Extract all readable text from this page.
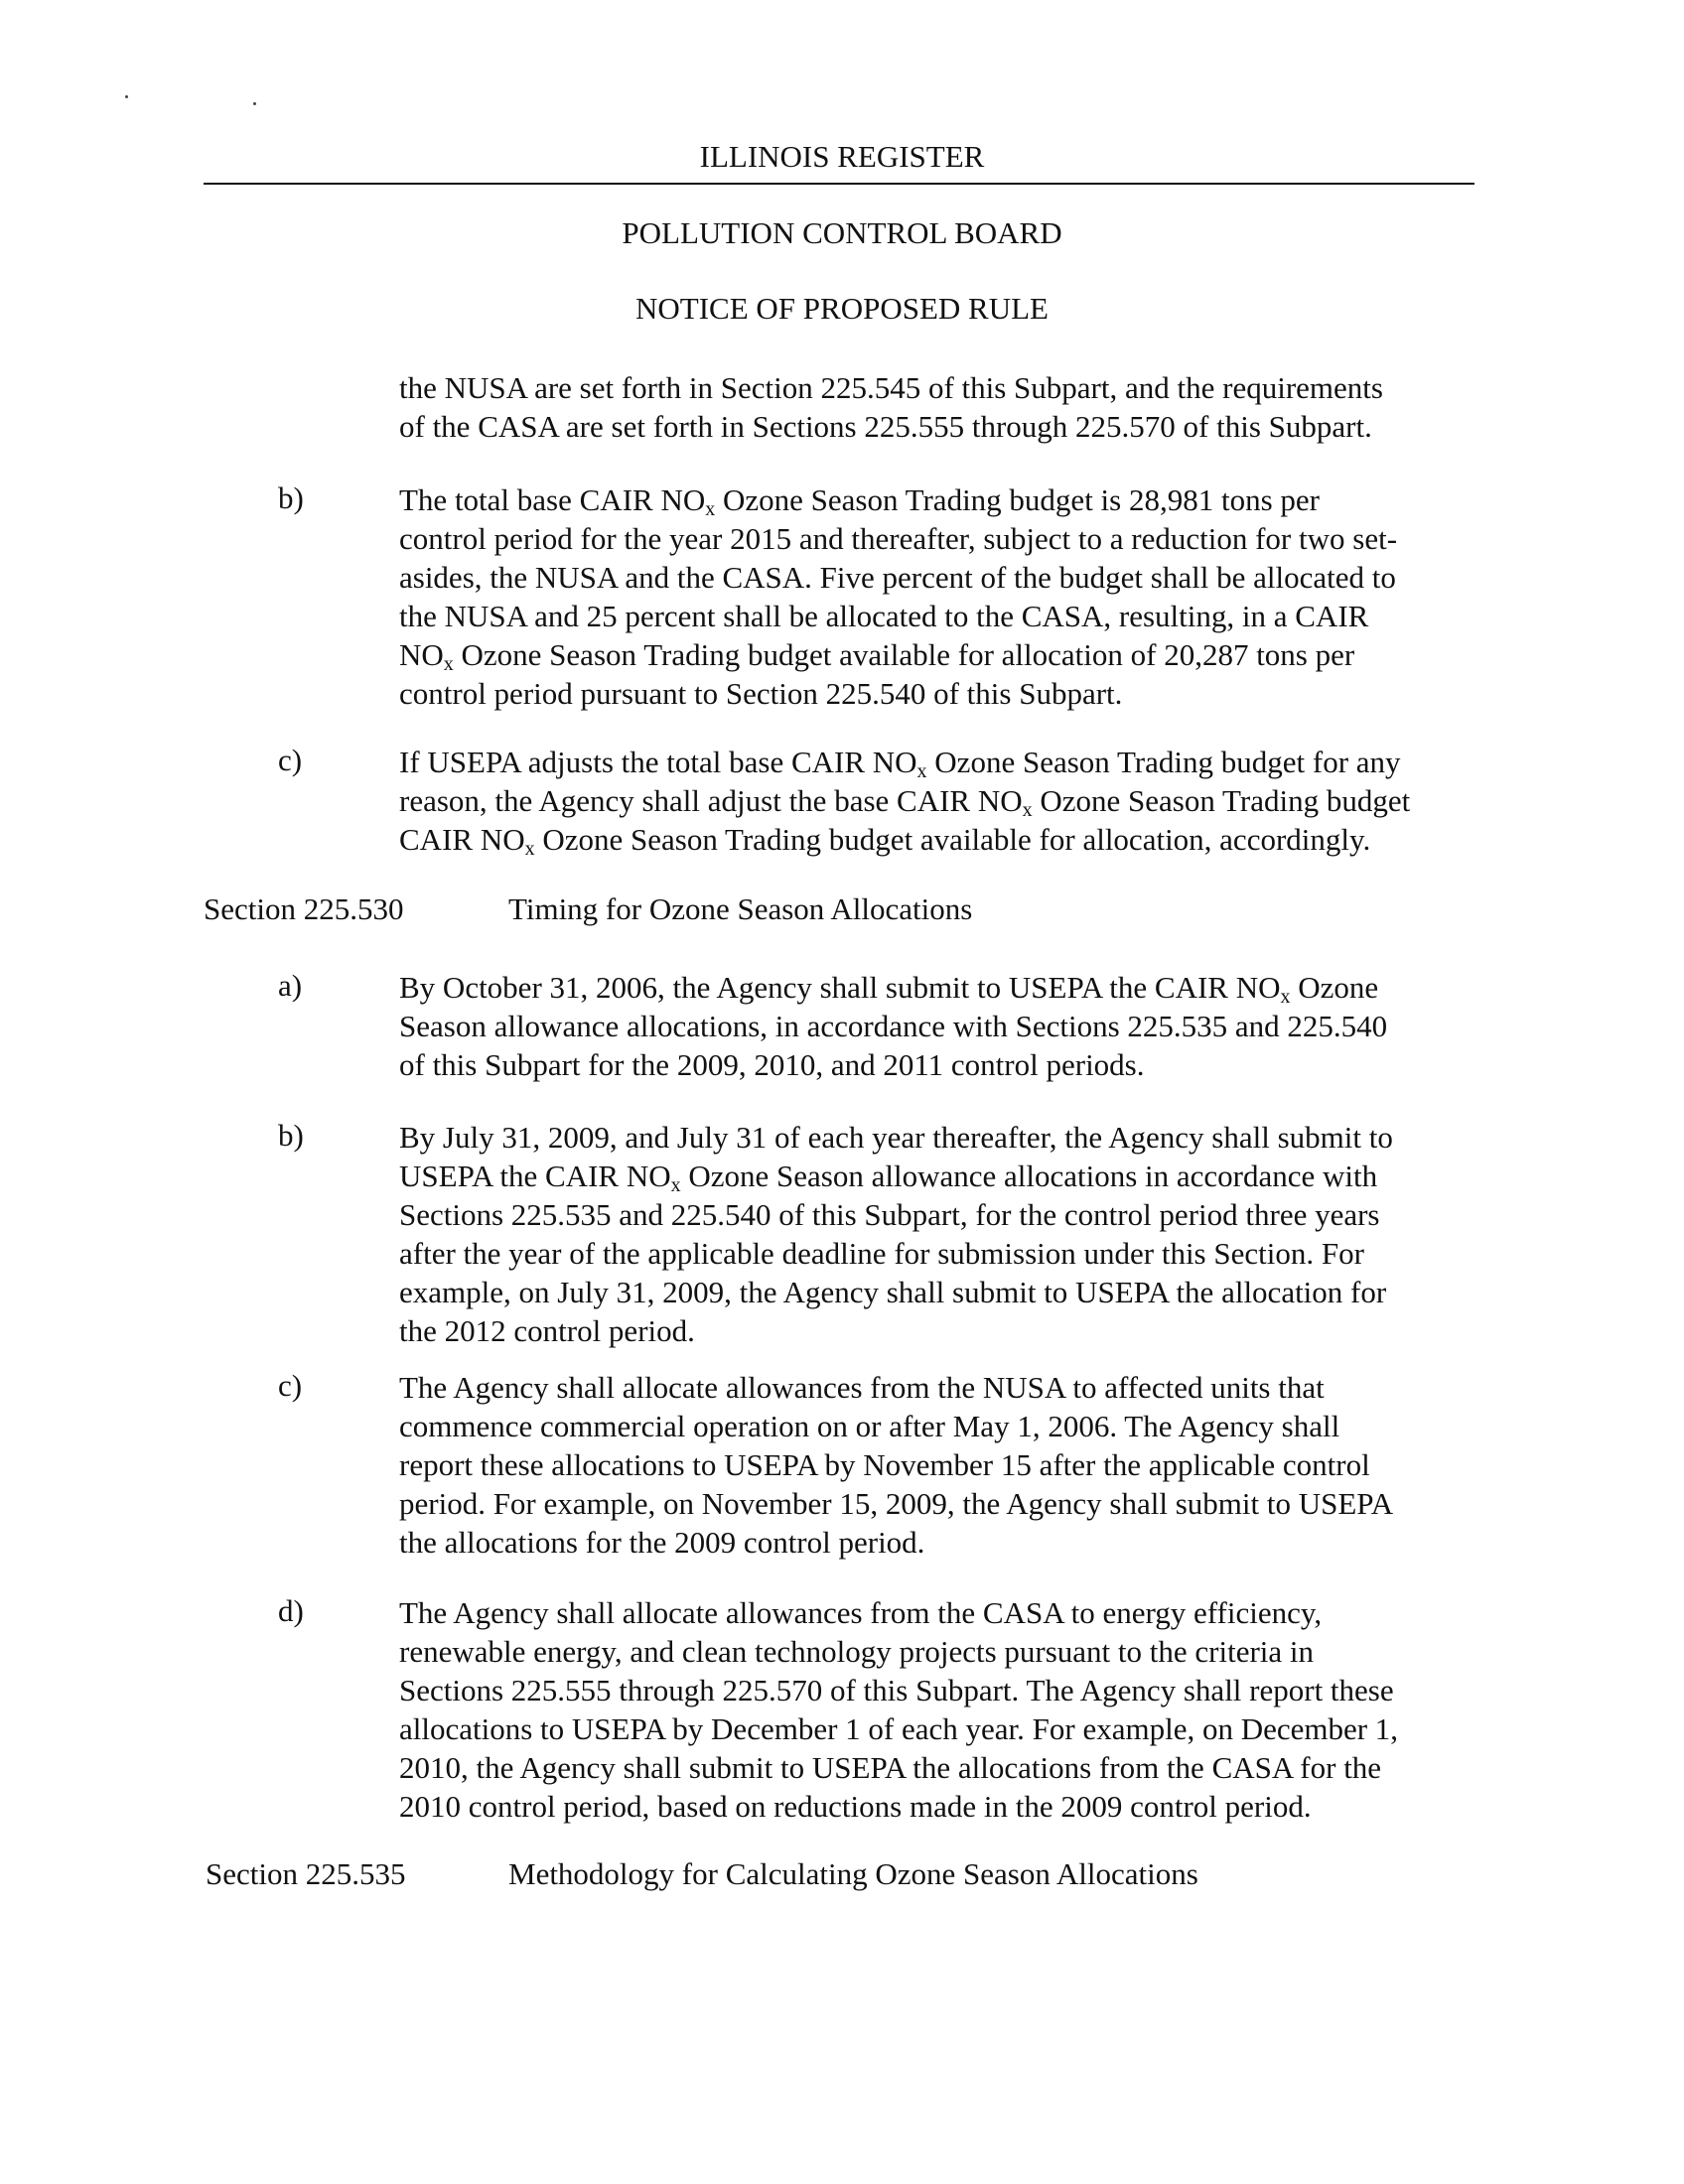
ILLINOIS REGISTER
POLLUTION CONTROL BOARD
NOTICE OF PROPOSED RULE
the NUSA are set forth in Section 225.545 of this Subpart, and the requirements
of the CASA are set forth in Sections 225.555 through 225.570 of this Subpart.
b)	The total base CAIR $NO_x$ Ozone Season Trading budget is 28,981 tons per
control period for the year 2015 and thereafter, subject to a reduction for two set-
asides, the NUSA and the CASA. Five percent of the budget shall be allocated to
the NUSA and 25 percent shall be allocated to the CASA, resulting, in a CAIR
$NO_x$ Ozone Season Trading budget available for allocation of 20,287 tons per
control period pursuant to Section 225.540 of this Subpart.
c)	If USEPA adjusts the total base CAIR $NO_x$ Ozone Season Trading budget for any
reason, the Agency shall adjust the base CAIR $NO_x$ Ozone Season Trading budget
CAIR $NO_x$ Ozone Season Trading budget available for allocation, accordingly.
Section 225.530	Timing for Ozone Season Allocations
a)	By October 31, 2006, the Agency shall submit to USEPA the CAIR $NO_x$ Ozone
Season allowance allocations, in accordance with Sections 225.535 and 225.540
of this Subpart for the 2009, 2010, and 2011 control periods.
b)	By July 31, 2009, and July 31 of each year thereafter, the Agency shall submit to
USEPA the CAIR $NO_x$ Ozone Season allowance allocations in accordance with
Sections 225.535 and 225.540 of this Subpart, for the control period three years
after the year of the applicable deadline for submission under this Section. For
example, on July 31, 2009, the Agency shall submit to USEPA the allocation for
the 2012 control period.
c)	The Agency shall allocate allowances from the NUSA to affected units that
commence commercial operation on or after May 1, 2006. The Agency shall
report these allocations to USEPA by November 15 after the applicable control
period. For example, on November 15, 2009, the Agency shall submit to USEPA
the allocations for the 2009 control period.
d)	The Agency shall allocate allowances from the CASA to energy efficiency,
renewable energy, and clean technology projects pursuant to the criteria in
Sections 225.555 through 225.570 of this Subpart. The Agency shall report these
allocations to USEPA by December 1 of each year. For example, on December 1,
2010, the Agency shall submit to USEPA the allocations from the CASA for the
2010 control period, based on reductions made in the 2009 control period.
Section 225.535	Methodology for Calculating Ozone Season Allocations
